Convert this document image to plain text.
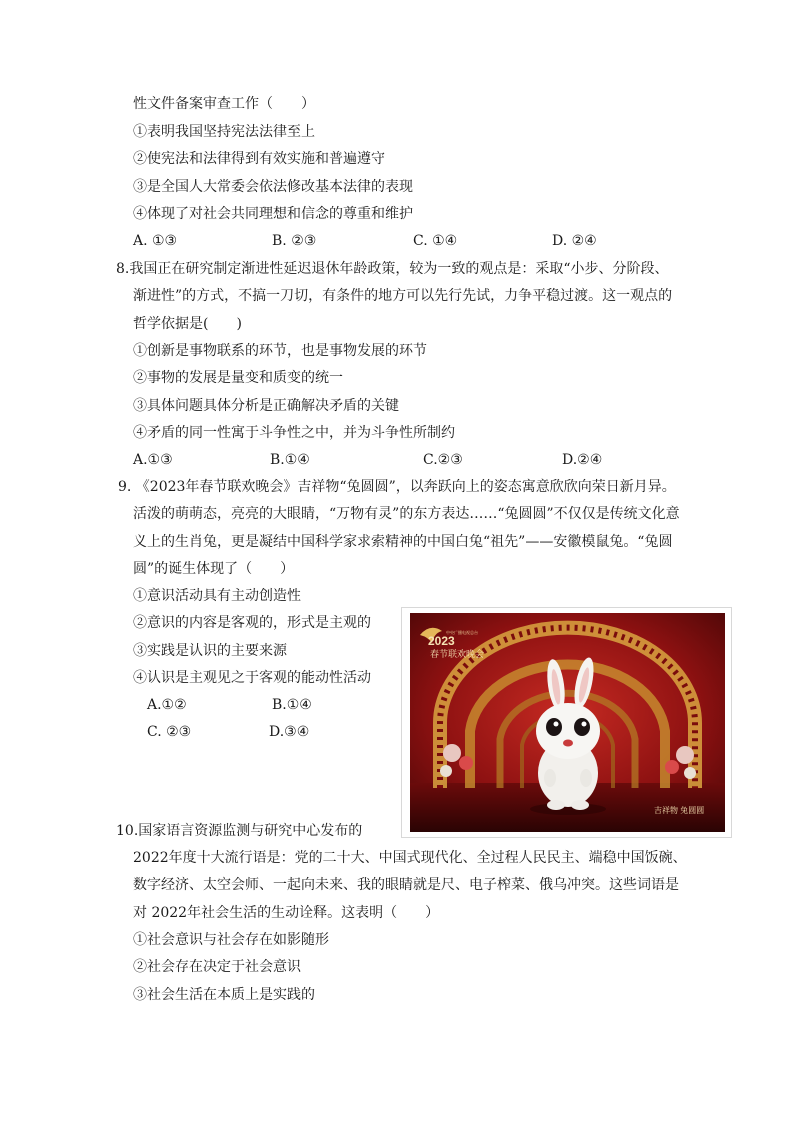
性文件备案审查工作（　　）
①表明我国坚持宪法法律至上
②使宪法和法律得到有效实施和普遍遵守
③是全国人大常委会依法修改基本法律的表现
④体现了对社会共同理想和信念的尊重和维护
A. ①③	B. ②③	C. ①④	D. ②④
8.我国正在研究制定渐进性延迟退休年龄政策，较为一致的观点是：采取“小步、分阶段、
渐进性”的方式，不搞一刀切，有条件的地方可以先行先试，力争平稳过渡。这一观点的
哲学依据是(　　)
①创新是事物联系的环节，也是事物发展的环节
②事物的发展是量变和质变的统一
③具体问题具体分析是正确解决矛盾的关键
④矛盾的同一性寓于斗争性之中，并为斗争性所制约
A.①③	B.①④	C.②③	D.②④
9. 《2023年春节联欢晚会》吉祥物“兔圆圆”，以奔跃向上的姿态寓意欣欣向荣日新月异。
活泼的萌萌态，亮亮的大眼睛，“万物有灵”的东方表达……“兔圆圆”不仅仅是传统文化意
义上的生肖兔，更是凝结中国科学家求索精神的中国白兔“祖先”——安徽模鼠兔。“兔圆
圆”的诞生体现了（　　）
①意识活动具有主动创造性
②意识的内容是客观的，形式是主观的
③实践是认识的主要来源
④认识是主观见之于客观的能动性活动
A.①②	B.①④
C. ②③	D.③④
中央广播电视总台
2023
春节联欢晚会
吉祥物 兔圆圆
10.国家语言资源监测与研究中心发布的
2022年度十大流行语是：党的二十大、中国式现代化、全过程人民民主、端稳中国饭碗、
数字经济、太空会师、一起向未来、我的眼睛就是尺、电子榨菜、俄乌冲突。这些词语是
对 2022年社会生活的生动诠释。这表明（　　）
①社会意识与社会存在如影随形
②社会存在决定于社会意识
③社会生活在本质上是实践的
